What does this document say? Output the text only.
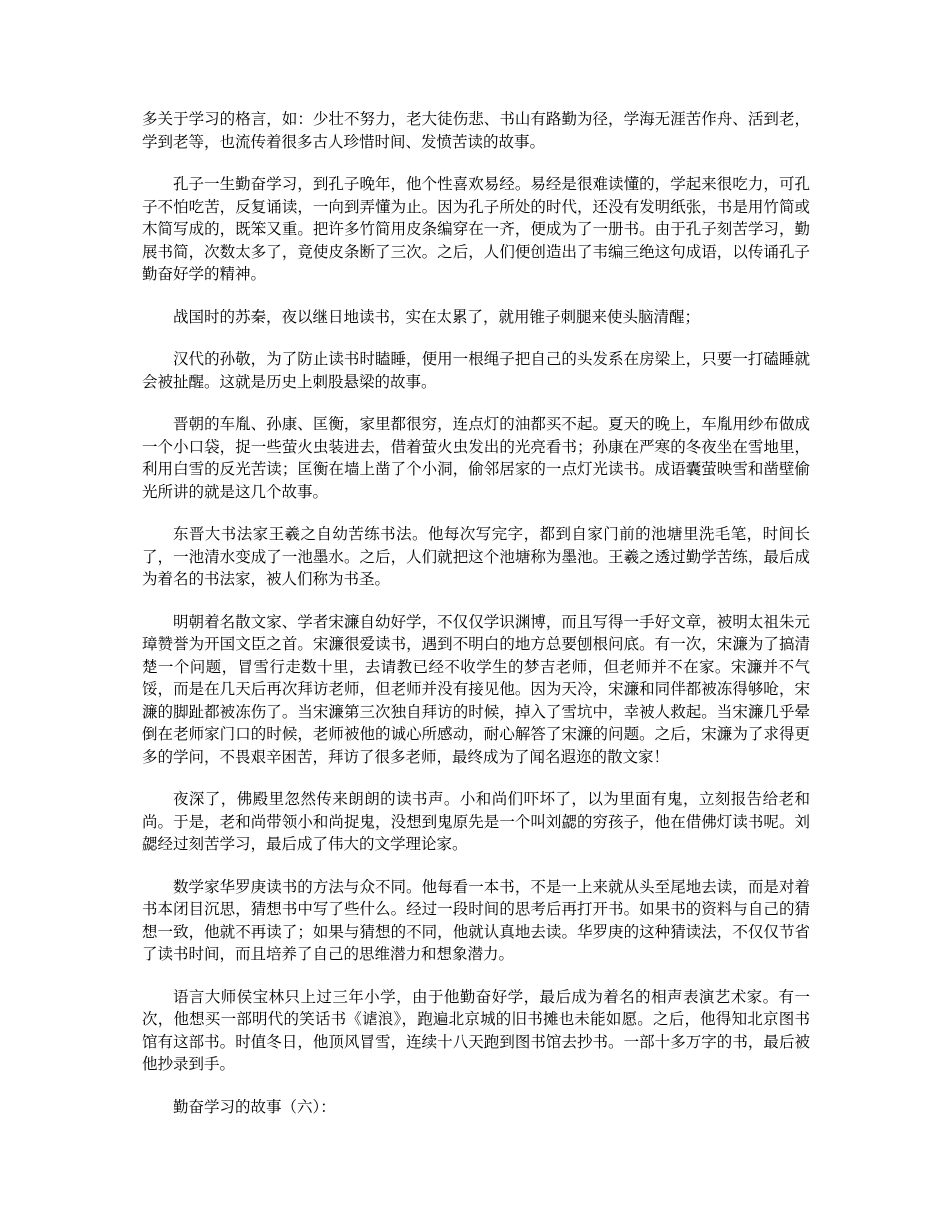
多关于学习的格言，如：少壮不努力，老大徒伤悲、书山有路勤为径，学海无涯苦作舟、活到老，学到老等，也流传着很多古人珍惜时间、发愤苦读的故事。

孔子一生勤奋学习，到孔子晚年，他个性喜欢易经。易经是很难读懂的，学起来很吃力，可孔子不怕吃苦，反复诵读，一向到弄懂为止。因为孔子所处的时代，还没有发明纸张，书是用竹简或木简写成的，既笨又重。把许多竹简用皮条编穿在一齐，便成为了一册书。由于孔子刻苦学习，勤展书简，次数太多了，竟使皮条断了三次。之后，人们便创造出了韦编三绝这句成语，以传诵孔子勤奋好学的精神。

战国时的苏秦，夜以继日地读书，实在太累了，就用锥子刺腿来使头脑清醒；

汉代的孙敬，为了防止读书时瞌睡，便用一根绳子把自己的头发系在房梁上，只要一打磕睡就会被扯醒。这就是历史上刺股悬梁的故事。

晋朝的车胤、孙康、匡衡，家里都很穷，连点灯的油都买不起。夏天的晚上，车胤用纱布做成一个小口袋，捉一些萤火虫装进去，借着萤火虫发出的光亮看书；孙康在严寒的冬夜坐在雪地里，利用白雪的反光苦读；匡衡在墙上凿了个小洞，偷邻居家的一点灯光读书。成语囊萤映雪和凿壁偷光所讲的就是这几个故事。

东晋大书法家王羲之自幼苦练书法。他每次写完字，都到自家门前的池塘里洗毛笔，时间长了，一池清水变成了一池墨水。之后，人们就把这个池塘称为墨池。王羲之透过勤学苦练，最后成为着名的书法家，被人们称为书圣。

明朝着名散文家、学者宋濂自幼好学，不仅仅学识渊博，而且写得一手好文章，被明太祖朱元璋赞誉为开国文臣之首。宋濂很爱读书，遇到不明白的地方总要刨根问底。有一次，宋濂为了搞清楚一个问题，冒雪行走数十里，去请教已经不收学生的梦吉老师，但老师并不在家。宋濂并不气馁，而是在几天后再次拜访老师，但老师并没有接见他。因为天冷，宋濂和同伴都被冻得够呛，宋濂的脚趾都被冻伤了。当宋濂第三次独自拜访的时候，掉入了雪坑中，幸被人救起。当宋濂几乎晕倒在老师家门口的时候，老师被他的诚心所感动，耐心解答了宋濂的问题。之后，宋濂为了求得更多的学问，不畏艰辛困苦，拜访了很多老师，最终成为了闻名遐迩的散文家！

夜深了，佛殿里忽然传来朗朗的读书声。小和尚们吓坏了，以为里面有鬼，立刻报告给老和尚。于是，老和尚带领小和尚捉鬼，没想到鬼原先是一个叫刘勰的穷孩子，他在借佛灯读书呢。刘勰经过刻苦学习，最后成了伟大的文学理论家。

数学家华罗庚读书的方法与众不同。他每看一本书，不是一上来就从头至尾地去读，而是对着书本闭目沉思，猜想书中写了些什么。经过一段时间的思考后再打开书。如果书的资料与自己的猜想一致，他就不再读了；如果与猜想的不同，他就认真地去读。华罗庚的这种猜读法，不仅仅节省了读书时间，而且培养了自己的思维潜力和想象潜力。

语言大师侯宝林只上过三年小学，由于他勤奋好学，最后成为着名的相声表演艺术家。有一次，他想买一部明代的笑话书《谑浪》，跑遍北京城的旧书摊也未能如愿。之后，他得知北京图书馆有这部书。时值冬日，他顶风冒雪，连续十八天跑到图书馆去抄书。一部十多万字的书，最后被他抄录到手。

勤奋学习的故事（六）：
